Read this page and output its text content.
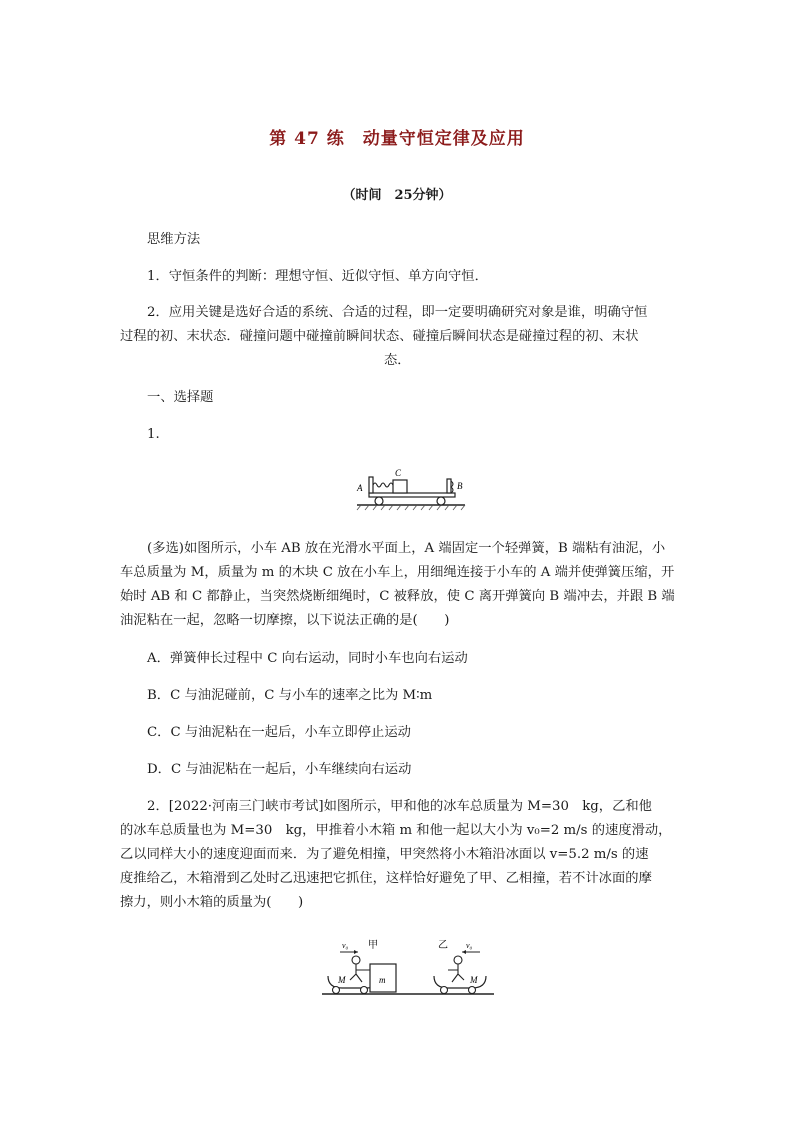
第 47 练　动量守恒定律及应用
（时间　25分钟）
思维方法
1．守恒条件的判断：理想守恒、近似守恒、单方向守恒．
2．应用关键是选好合适的系统、合适的过程，即一定要明确研究对象是谁，明确守恒
过程的初、末状态．碰撞问题中碰撞前瞬间状态、碰撞后瞬间状态是碰撞过程的初、末状
态．
一、选择题
1.
A	B
C
(多选)如图所示，小车 AB 放在光滑水平面上，A 端固定一个轻弹簧，B 端粘有油泥，小
车总质量为 M，质量为 m 的木块 C 放在小车上，用细绳连接于小车的 A 端并使弹簧压缩，开
始时 AB 和 C 都静止，当突然烧断细绳时，C 被释放，使 C 离开弹簧向 B 端冲去，并跟 B 端
油泥粘在一起，忽略一切摩擦，以下说法正确的是(　　)
A．弹簧伸长过程中 C 向右运动，同时小车也向右运动
B．C 与油泥碰前，C 与小车的速率之比为 M∶m
C．C 与油泥粘在一起后，小车立即停止运动
D．C 与油泥粘在一起后，小车继续向右运动
2．[2022·河南三门峡市考试]如图所示，甲和他的冰车总质量为 M=30　kg，乙和他
的冰车总质量也为 M=30　kg，甲推着小木箱 m 和他一起以大小为 v₀=2 m/s 的速度滑动，
乙以同样大小的速度迎面而来．为了避免相撞，甲突然将小木箱沿冰面以 v=5.2 m/s 的速
度推给乙，木箱滑到乙处时乙迅速把它抓住，这样恰好避免了甲、乙相撞，若不计冰面的摩
擦力，则小木箱的质量为(　　)
v₀ 甲	乙 v₀
M	M
m
